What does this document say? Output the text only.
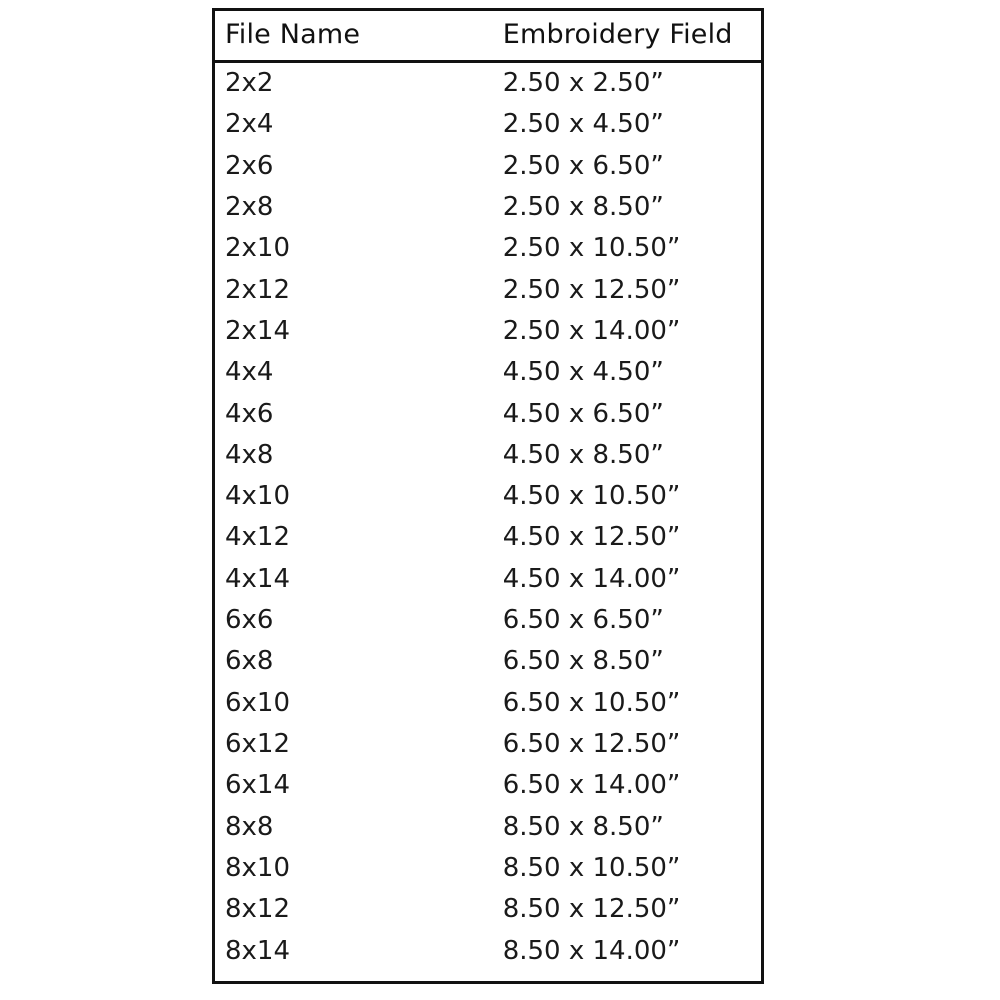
File Name	Embroidery Field
2x2	2.50 x 2.50”
2x4	2.50 x 4.50”
2x6	2.50 x 6.50”
2x8	2.50 x 8.50”
2x10	2.50 x 10.50”
2x12	2.50 x 12.50”
2x14	2.50 x 14.00”
4x4	4.50 x 4.50”
4x6	4.50 x 6.50”
4x8	4.50 x 8.50”
4x10	4.50 x 10.50”
4x12	4.50 x 12.50”
4x14	4.50 x 14.00”
6x6	6.50 x 6.50”
6x8	6.50 x 8.50”
6x10	6.50 x 10.50”
6x12	6.50 x 12.50”
6x14	6.50 x 14.00”
8x8	8.50 x 8.50”
8x10	8.50 x 10.50”
8x12	8.50 x 12.50”
8x14	8.50 x 14.00”
